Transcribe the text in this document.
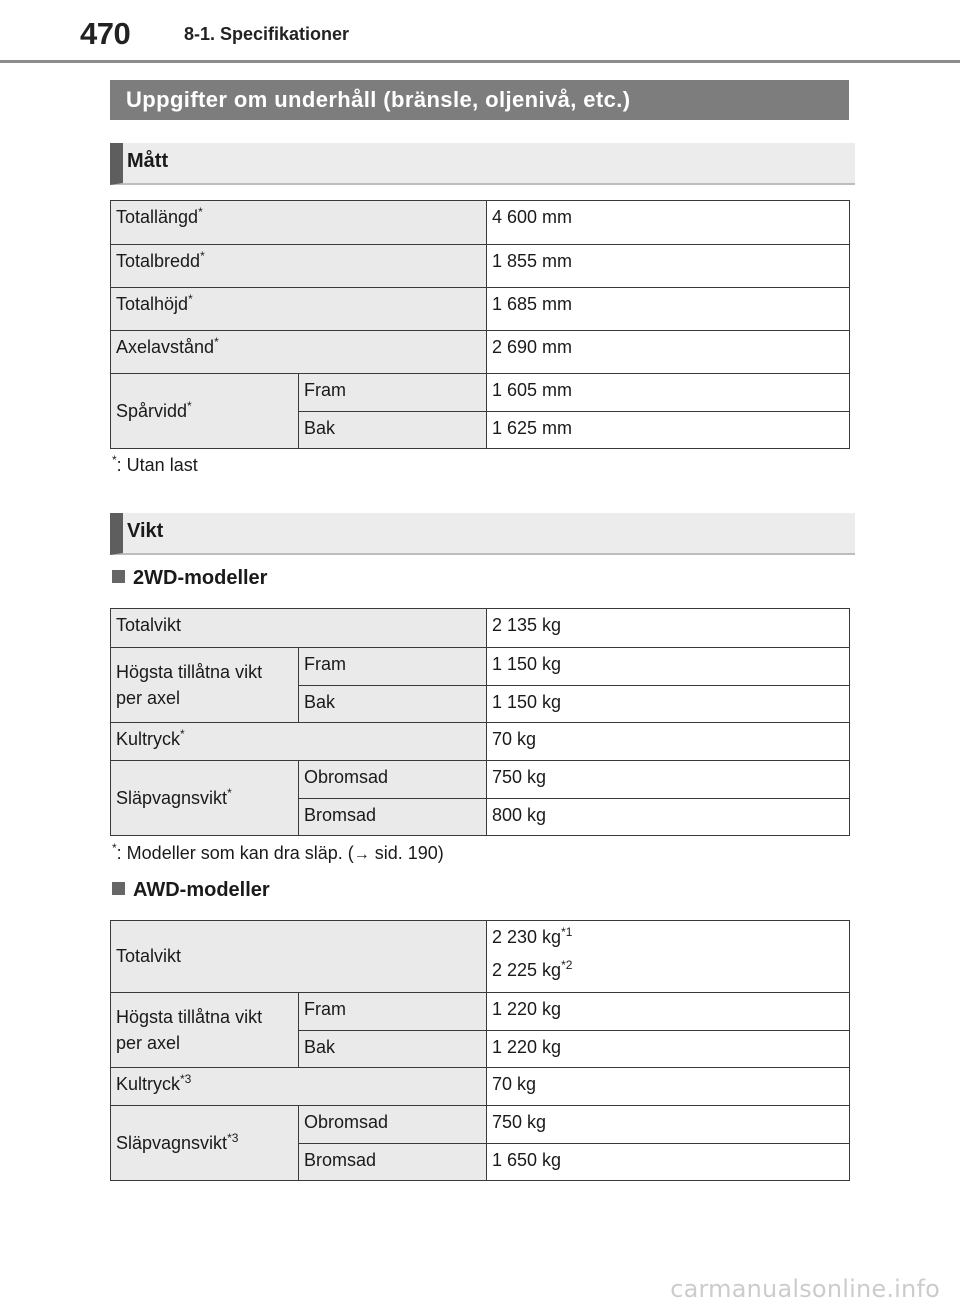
470	8-1. Specifikationer
Uppgifter om underhåll (bränsle, oljenivå, etc.)
Mått
Totallängd*		4 600 mm
Totalbredd*		1 855 mm
Totalhöjd*		1 685 mm
Axelavstånd*		2 690 mm
Spårvidd*	Fram	1 605 mm
	Bak	1 625 mm
*: Utan last
Vikt
2WD-modeller
Totalvikt		2 135 kg
Högsta tillåtna vikt
per axel	Fram	1 150 kg
	Bak	1 150 kg
Kultryck*		70 kg
Släpvagnsvikt*	Obromsad	750 kg
	Bromsad	800 kg
*: Modeller som kan dra släp. (→ sid. 190)
AWD-modeller
Totalvikt		2 230 $kg^{*1}$
2 225 $kg^{*2}$
Högsta tillåtna vikt
per axel	Fram	1 220 kg
	Bak	1 220 kg
Kultryck$^{*3}$		70 kg
Släpvagnsvikt$^{*3}$	Obromsad	750 kg
	Bromsad	1 650 kg
carmanualsonline.info
